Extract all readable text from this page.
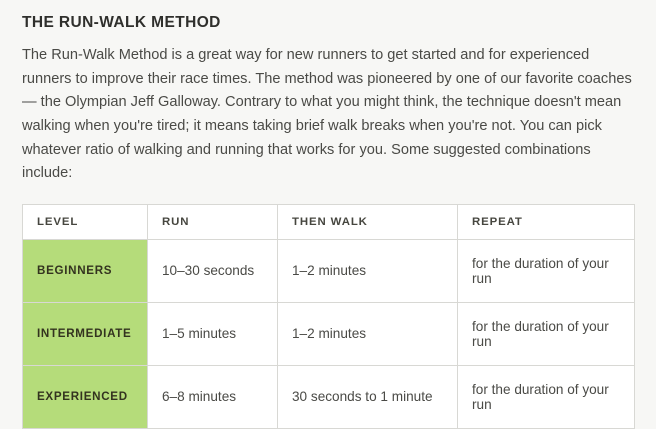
THE RUN-WALK METHOD

The Run-Walk Method is a great way for new runners to get started and for experienced runners to improve their race times. The method was pioneered by one of our favorite coaches — the Olympian Jeff Galloway. Contrary to what you might think, the technique doesn't mean walking when you're tired; it means taking brief walk breaks when you're not. You can pick whatever ratio of walking and running that works for you. Some suggested combinations include:

LEVEL	RUN	THEN WALK	REPEAT
BEGINNERS	10–30 seconds	1–2 minutes	for the duration of your run
INTERMEDIATE	1–5 minutes	1–2 minutes	for the duration of your run
EXPERIENCED	6–8 minutes	30 seconds to 1 minute	for the duration of your run
